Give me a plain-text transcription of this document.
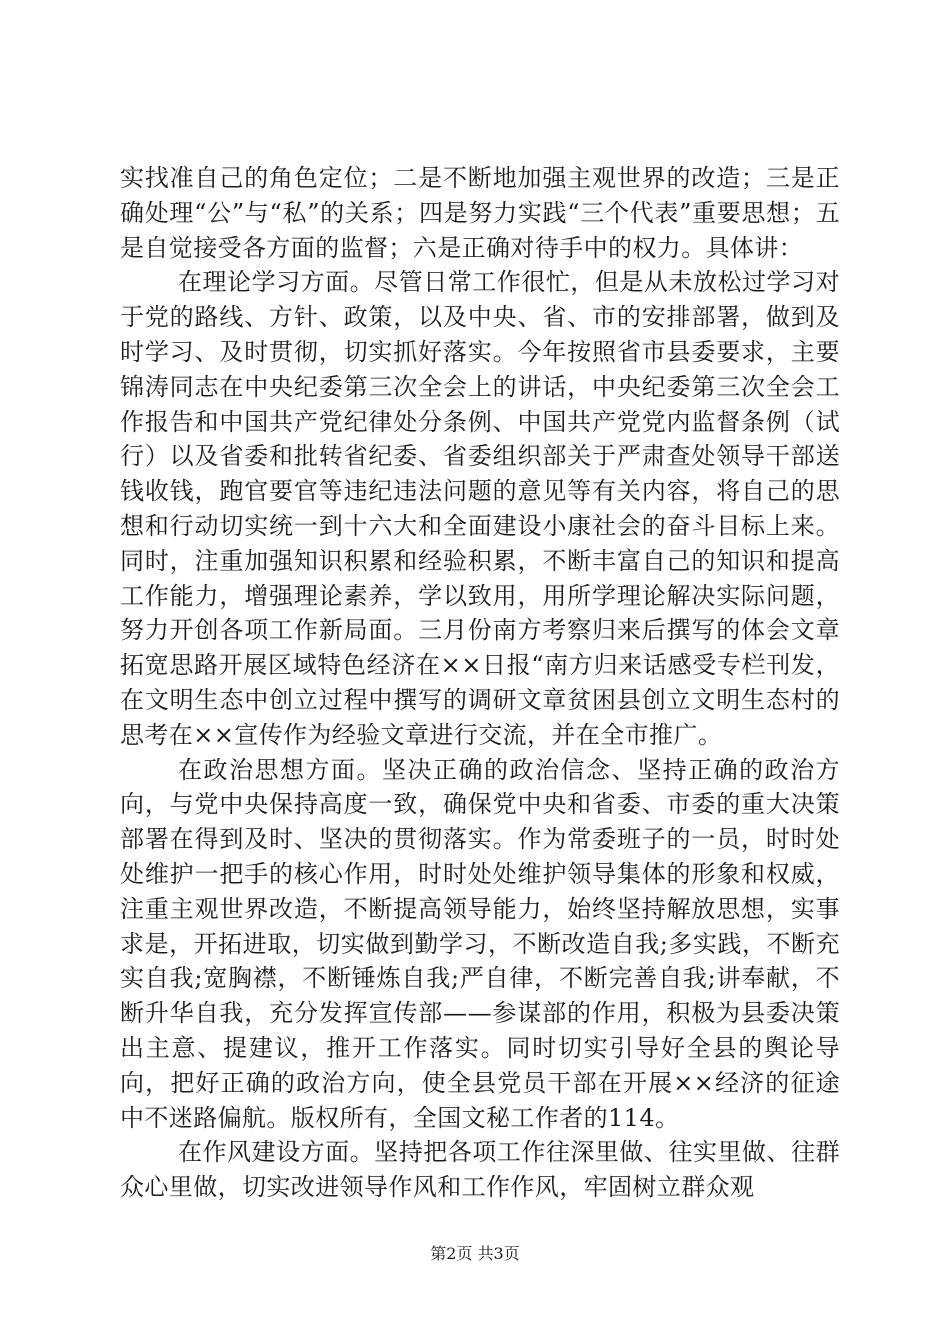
实找准自己的角色定位；二是不断地加强主观世界的改造；三是正确处理“公”与“私”的关系；四是努力实践“三个代表”重要思想；五是自觉接受各方面的监督；六是正确对待手中的权力。具体讲：

在理论学习方面。尽管日常工作很忙，但是从未放松过学习对于党的路线、方针、政策，以及中央、省、市的安排部署，做到及时学习、及时贯彻，切实抓好落实。今年按照省市县委要求，主要锦涛同志在中央纪委第三次全会上的讲话，中央纪委第三次全会工作报告和中国共产党纪律处分条例、中国共产党党内监督条例（试行）以及省委和批转省纪委、省委组织部关于严肃查处领导干部送钱收钱，跑官要官等违纪违法问题的意见等有关内容，将自己的思想和行动切实统一到十六大和全面建设小康社会的奋斗目标上来。同时，注重加强知识积累和经验积累，不断丰富自己的知识和提高工作能力，增强理论素养，学以致用，用所学理论解决实际问题，努力开创各项工作新局面。三月份南方考察归来后撰写的体会文章拓宽思路开展区域特色经济在××日报“南方归来话感受专栏刊发，在文明生态中创立过程中撰写的调研文章贫困县创立文明生态村的思考在××宣传作为经验文章进行交流，并在全市推广。

在政治思想方面。坚决正确的政治信念、坚持正确的政治方向，与党中央保持高度一致，确保党中央和省委、市委的重大决策部署在得到及时、坚决的贯彻落实。作为常委班子的一员，时时处处维护一把手的核心作用，时时处处维护领导集体的形象和权威，注重主观世界改造，不断提高领导能力，始终坚持解放思想，实事求是，开拓进取，切实做到勤学习，不断改造自我;多实践，不断充实自我;宽胸襟，不断锤炼自我;严自律，不断完善自我;讲奉献，不断升华自我，充分发挥宣传部——参谋部的作用，积极为县委决策出主意、提建议，推开工作落实。同时切实引导好全县的舆论导向，把好正确的政治方向，使全县党员干部在开展××经济的征途中不迷路偏航。版权所有，全国文秘工作者的114。

在作风建设方面。坚持把各项工作往深里做、往实里做、往群众心里做，切实改进领导作风和工作作风，牢固树立群众观

第2页 共3页
